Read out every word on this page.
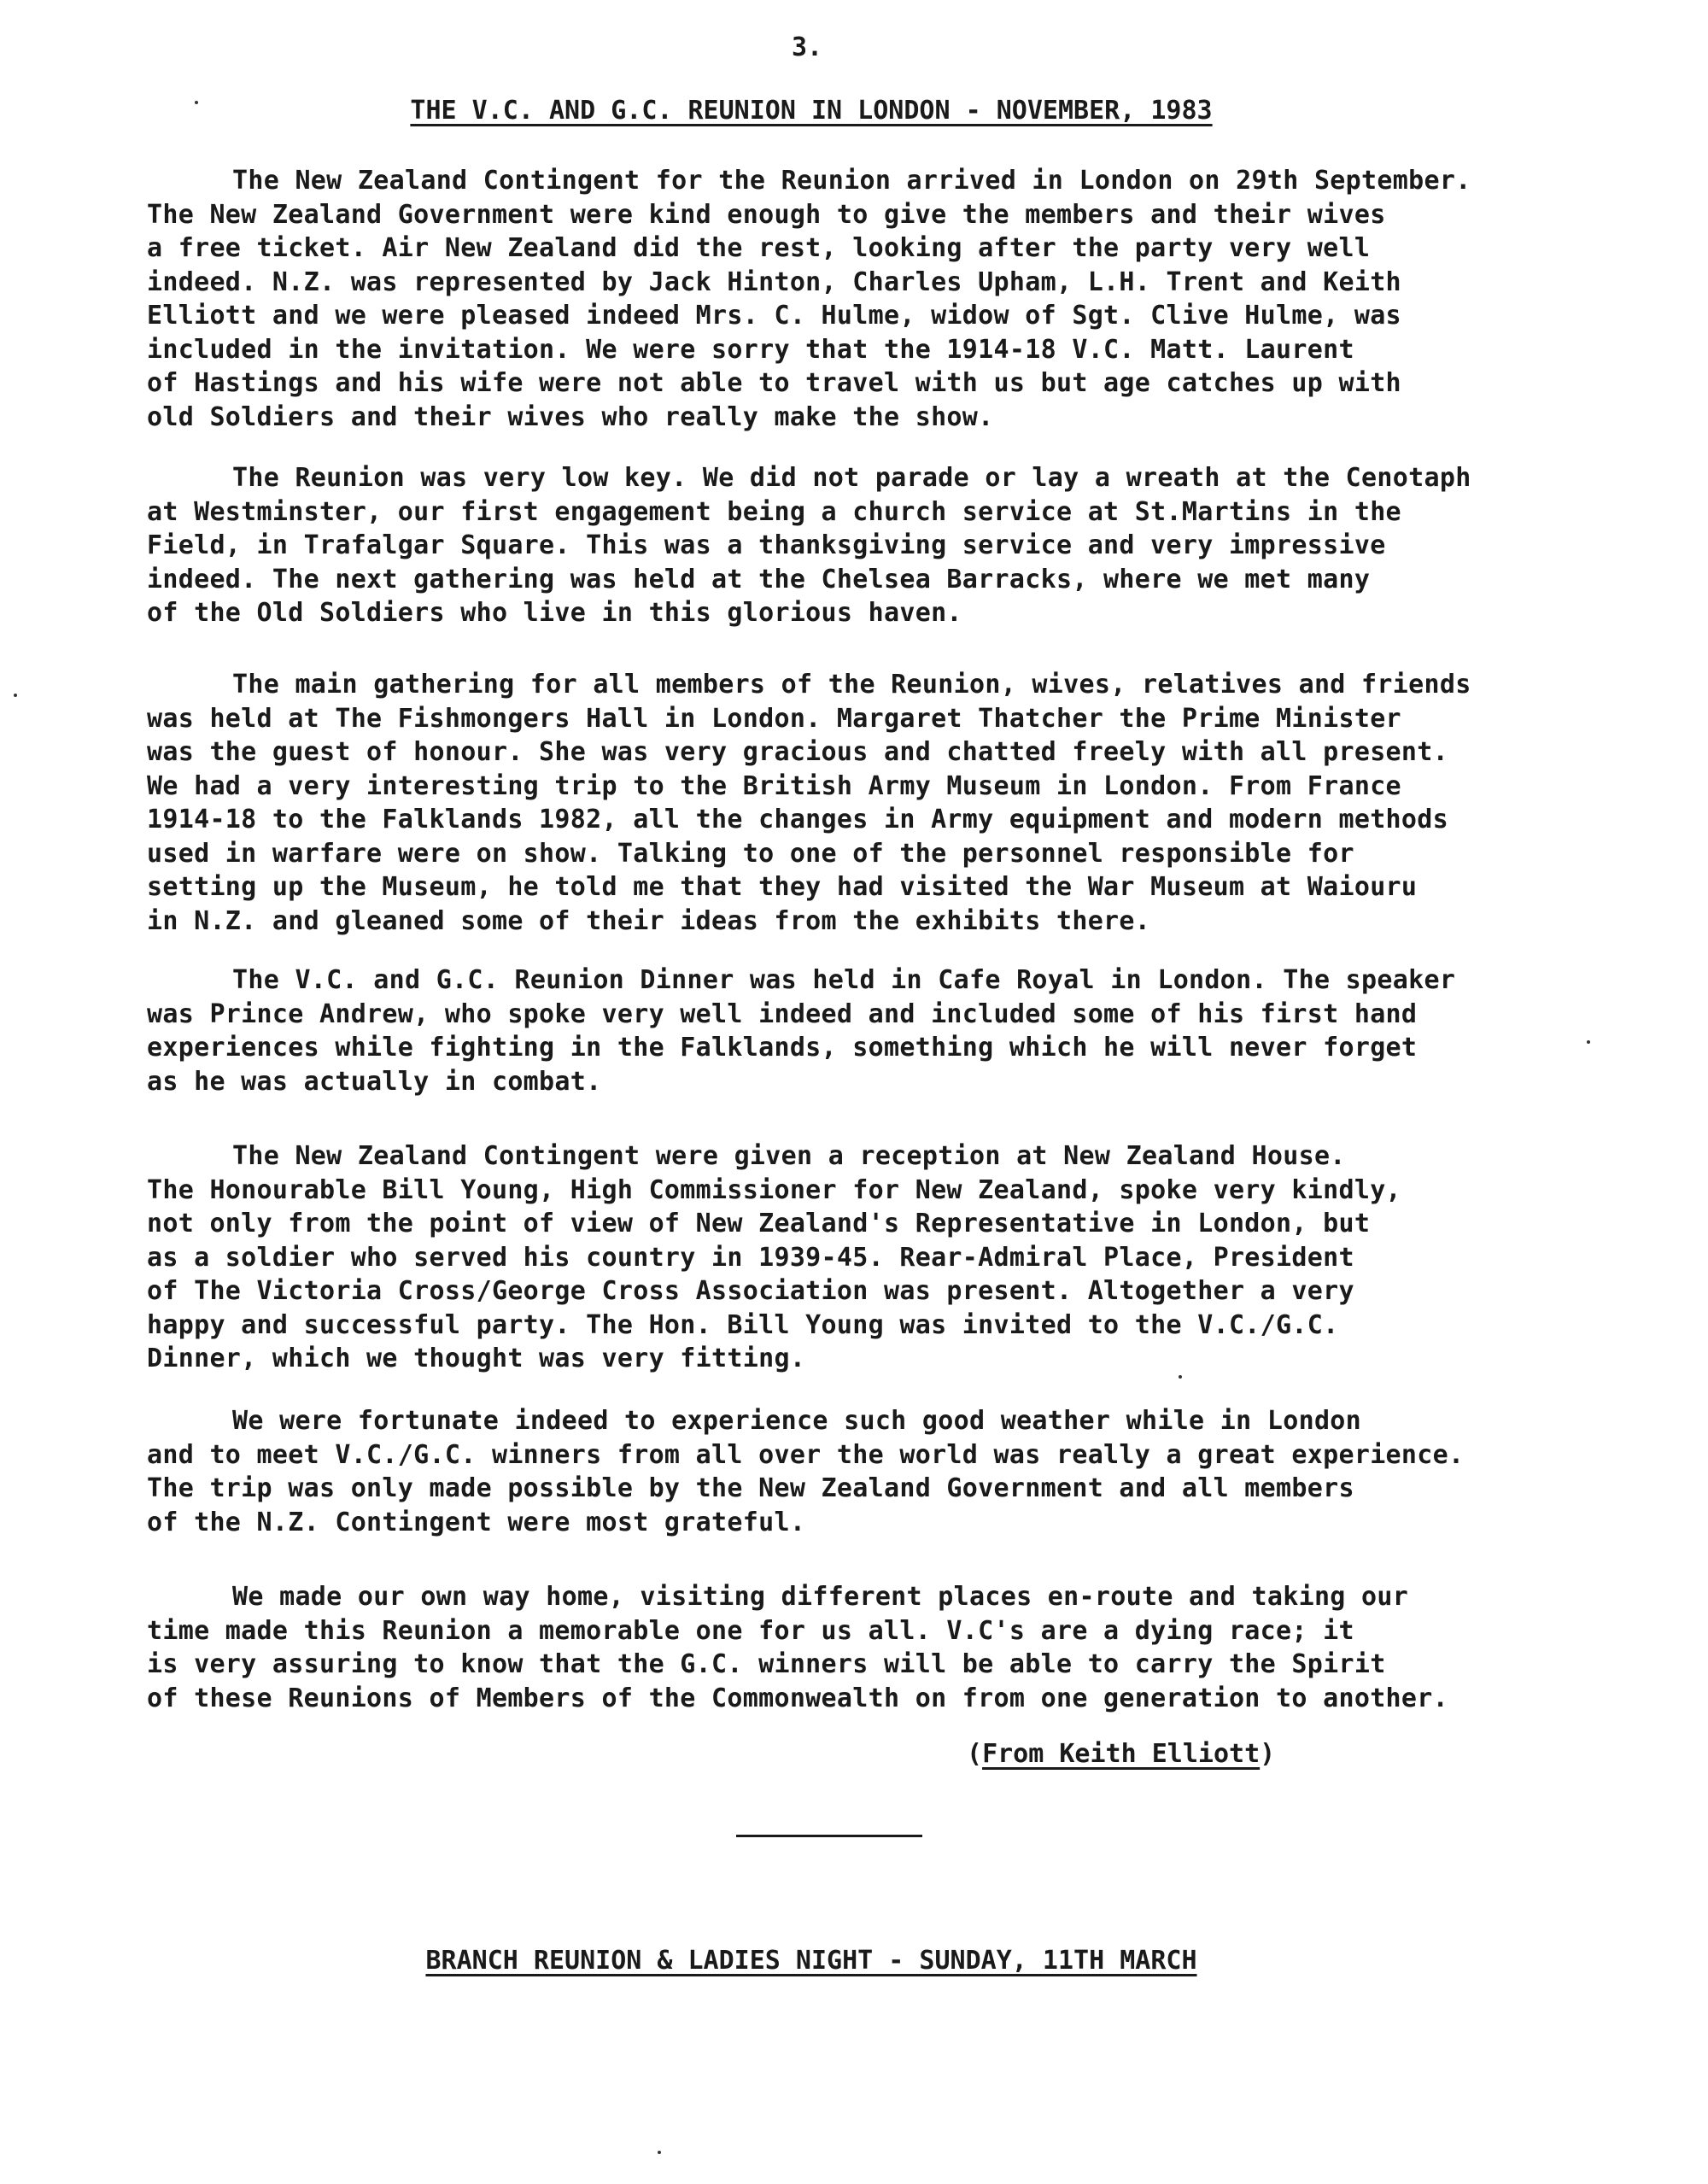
3.
THE V.C. AND G.C. REUNION IN LONDON - NOVEMBER, 1983
The New Zealand Contingent for the Reunion arrived in London on 29th September.
The New Zealand Government were kind enough to give the members and their wives
a free ticket. Air New Zealand did the rest, looking after the party very well
indeed. N.Z. was represented by Jack Hinton, Charles Upham, L.H. Trent and Keith
Elliott and we were pleased indeed Mrs. C. Hulme, widow of Sgt. Clive Hulme, was
included in the invitation. We were sorry that the 1914-18 V.C. Matt. Laurent
of Hastings and his wife were not able to travel with us but age catches up with
old Soldiers and their wives who really make the show.
The Reunion was very low key. We did not parade or lay a wreath at the Cenotaph
at Westminster, our first engagement being a church service at St.Martins in the
Field, in Trafalgar Square. This was a thanksgiving service and very impressive
indeed. The next gathering was held at the Chelsea Barracks, where we met many
of the Old Soldiers who live in this glorious haven.
The main gathering for all members of the Reunion, wives, relatives and friends
was held at The Fishmongers Hall in London. Margaret Thatcher the Prime Minister
was the guest of honour. She was very gracious and chatted freely with all present.
We had a very interesting trip to the British Army Museum in London. From France
1914-18 to the Falklands 1982, all the changes in Army equipment and modern methods
used in warfare were on show. Talking to one of the personnel responsible for
setting up the Museum, he told me that they had visited the War Museum at Waiouru
in N.Z. and gleaned some of their ideas from the exhibits there.
The V.C. and G.C. Reunion Dinner was held in Cafe Royal in London. The speaker
was Prince Andrew, who spoke very well indeed and included some of his first hand
experiences while fighting in the Falklands, something which he will never forget
as he was actually in combat.
The New Zealand Contingent were given a reception at New Zealand House.
The Honourable Bill Young, High Commissioner for New Zealand, spoke very kindly,
not only from the point of view of New Zealand's Representative in London, but
as a soldier who served his country in 1939-45. Rear-Admiral Place, President
of The Victoria Cross/George Cross Association was present. Altogether a very
happy and successful party. The Hon. Bill Young was invited to the V.C./G.C.
Dinner, which we thought was very fitting.
We were fortunate indeed to experience such good weather while in London
and to meet V.C./G.C. winners from all over the world was really a great experience.
The trip was only made possible by the New Zealand Government and all members
of the N.Z. Contingent were most grateful.
We made our own way home, visiting different places en-route and taking our
time made this Reunion a memorable one for us all. V.C's are a dying race; it
is very assuring to know that the G.C. winners will be able to carry the Spirit
of these Reunions of Members of the Commonwealth on from one generation to another.
(From Keith Elliott)
BRANCH REUNION & LADIES NIGHT - SUNDAY, 11TH MARCH
